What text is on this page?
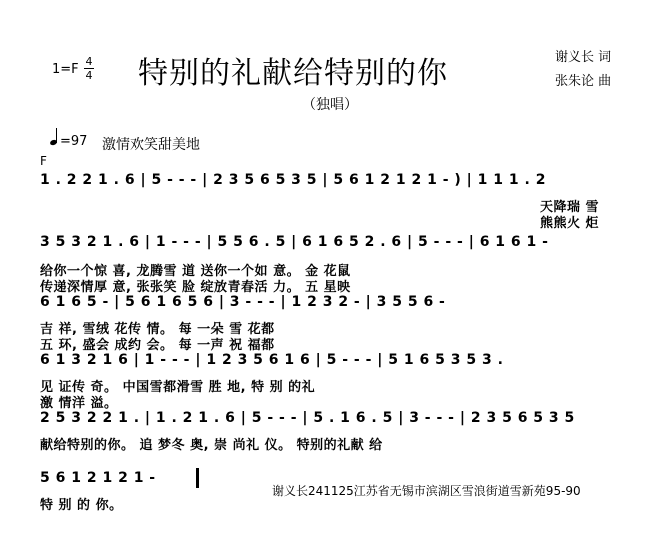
1=F
4
4 特别的礼献给特别的你
（独唱）
谢义长 词
张朱论 曲
=97 激情欢笑甜美地
F
1 . 2 2 1 . 6 | 5 - - - | 2 3 5 6 5 3 5 | 5 6 1 2 1 2 1 - ) | 1 1 1 . 2
天降瑞 雪
熊熊火 炬
3 5 3 2 1 . 6 | 1 - - - | 5 5 6 . 5 | 6 1 6 5 2 . 6 | 5 - - - | 6 1 6 1 -
给你一个惊 喜, 龙腾雪 道 送你一个如 意。 金 花鼠
传递深情厚 意, 张张笑 脸 绽放青春活 力。 五 星映
6 1 6 5 - | 5 6 1 6 5 6 | 3 - - - | 1 2 3 2 - | 3 5 5 6 -
吉 祥, 雪绒 花传 情。 每 一朵 雪 花都
五 环, 盛会 成约 会。 每 一声 祝 福都
6 1 3 2 1 6 | 1 - - - | 1 2 3 5 6 1 6 | 5 - - - | 5 1 6 5 3 5 3 .
见 证传 奇。 中国雪都滑雪 胜 地, 特 别 的礼
激 情洋 溢。
2 5 3 2 2 1 . | 1 . 2 1 . 6 | 5 - - - | 5 . 1 6 . 5 | 3 - - - | 2 3 5 6 5 3 5
献给特别的你。 追 梦冬 奥, 崇 尚礼 仪。 特别的礼献 给
5 6 1 2 1 2 1 -
特 别 的 你。
谢义长241125江苏省无锡市滨湖区雪浪街道雪新苑95-90
